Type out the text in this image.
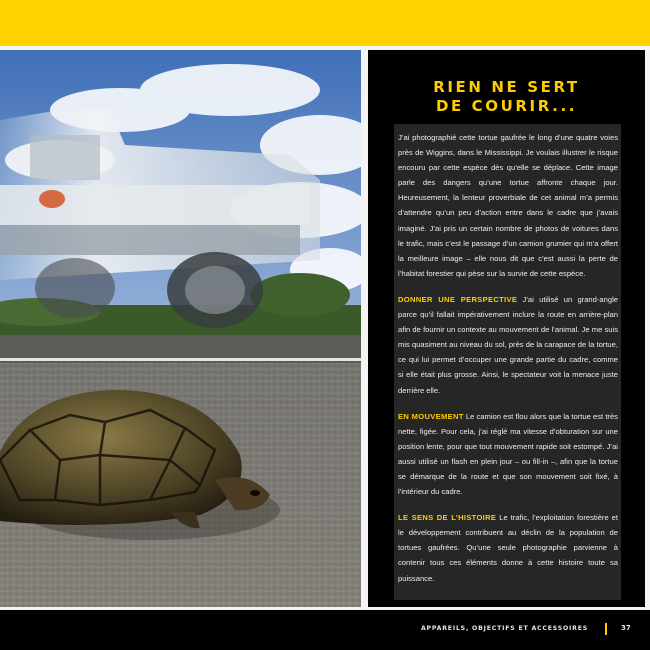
RIEN NE SERT
DE COURIR...

J’ai photographié cette tortue gaufrée le long d’une quatre voies près de Wiggins, dans le Mississippi. Je voulais illustrer le risque encouru par cette espèce dès qu’elle se déplace. Cette image parle des dangers qu’une tortue affronte chaque jour. Heureusement, la lenteur proverbiale de cet animal m’a permis d’attendre qu’un peu d’action entre dans le cadre que j’avais imaginé. J’ai pris un certain nombre de photos de voitures dans le trafic, mais c’est le passage d’un camion grumier qui m’a offert la meilleure image – elle nous dit que c’est aussi la perte de l’habitat forestier qui pèse sur la survie de cette espèce.

DONNER UNE PERSPECTIVE J’ai utilisé un grand-angle parce qu’il fallait impérativement inclure la route en arrière-plan afin de fournir un contexte au mouvement de l’animal. Je me suis mis quasiment au niveau du sol, près de la carapace de la tortue, ce qui lui permet d’occuper une grande partie du cadre, comme si elle était plus grosse. Ainsi, le spectateur voit la menace juste derrière elle.

EN MOUVEMENT Le camion est flou alors que la tortue est très nette, figée. Pour cela, j’ai réglé ma vitesse d’obturation sur une position lente, pour que tout mouvement rapide soit estompé. J’ai aussi utilisé un flash en plein jour – ou fill-in –, afin que la tortue se démarque de la route et que son mouvement soit fixé, à l’intérieur du cadre.

LE SENS DE L’HISTOIRE Le trafic, l’exploitation forestière et le développement contribuent au déclin de la population de tortues gaufrées. Qu’une seule photographie parvienne à contenir tous ces éléments donne à cette histoire toute sa puissance.

APPAREILS, OBJECTIFS ET ACCESSOIRES	37
